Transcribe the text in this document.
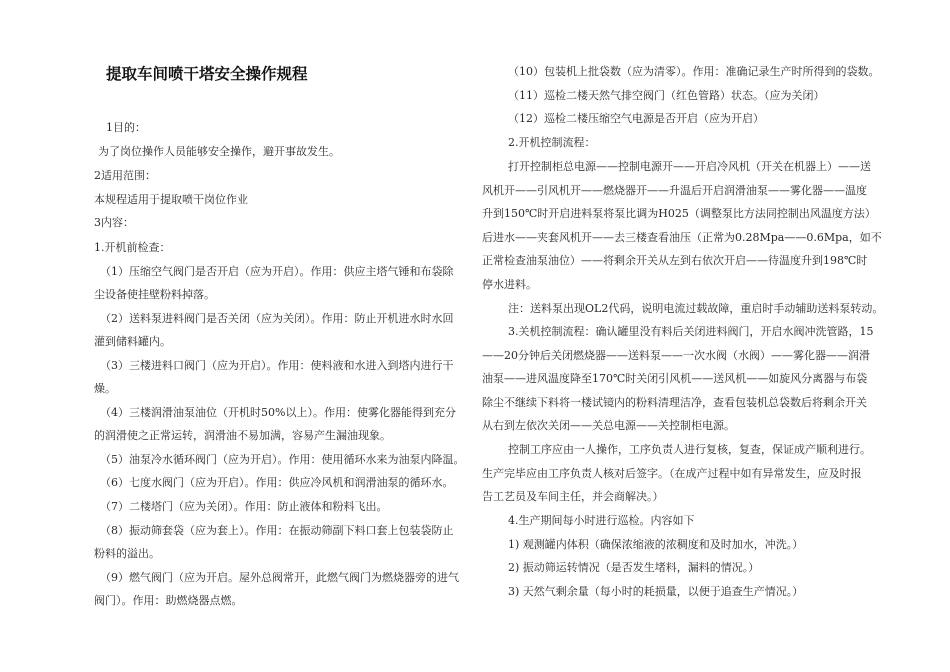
提取车间喷干塔安全操作规程
1目的：
为了岗位操作人员能够安全操作，避开事故发生。
2适用范围：
本规程适用于提取喷干岗位作业
3内容：
1.开机前检查：
（1）压缩空气阀门是否开启（应为开启）。作用：供应主塔气锤和布袋除
尘设备使挂壁粉料掉落。
（2）送料泵进料阀门是否关闭（应为关闭）。作用：防止开机进水时水回
灌到储料罐内。
（3）三楼进料口阀门（应为开启）。作用：使料液和水进入到塔内进行干
燥。
（4）三楼润滑油泵油位（开机时50%以上）。作用：使雾化器能得到充分
的润滑使之正常运转，润滑油不易加满，容易产生漏油现象。
（5）油泵冷水循环阀门（应为开启）。作用：使用循环水来为油泵内降温。
（6）七度水阀门（应为开启）。作用：供应冷风机和润滑油泵的循环水。
（7）二楼塔门（应为关闭）。作用：防止液体和粉料飞出。
（8）振动筛套袋（应为套上）。作用：在振动筛副下料口套上包装袋防止
粉料的溢出。
（9）燃气阀门（应为开启。屋外总阀常开，此燃气阀门为燃烧器旁的进气
阀门）。作用：助燃烧器点燃。
（10）包装机上批袋数（应为清零）。作用：准确记录生产时所得到的袋数。
（11）巡检二楼天然气排空阀门（红色管路）状态。（应为关闭）
（12）巡检二楼压缩空气电源是否开启（应为开启）
2.开机控制流程：
打开控制柜总电源——控制电源开——开启冷风机（开关在机器上）——送
风机开——引风机开——燃烧器开——升温后开启润滑油泵——雾化器——温度
升到150℃时开启进料泵将泵比调为H025（调整泵比方法同控制出风温度方法）
后进水——夹套风机开——去三楼查看油压（正常为0.28Mpa——0.6Mpa，如不
正常检查油泵油位）——将剩余开关从左到右依次开启——待温度升到198℃时
停水进料。
注：送料泵出现OL2代码，说明电流过载故障，重启时手动辅助送料泵转动。
3.关机控制流程：确认罐里没有料后关闭进料阀门，开启水阀冲洗管路，15
——20分钟后关闭燃烧器——送料泵——一次水阀（水阀）——雾化器——润滑
油泵——进风温度降至170℃时关闭引风机——送风机——如旋风分离器与布袋
除尘不继续下料将一楼试镜内的粉料清理洁净，查看包装机总袋数后将剩余开关
从右到左依次关闭——关总电源——关控制柜电源。
控制工序应由一人操作，工序负责人进行复核，复查，保证成产顺利进行。
生产完毕应由工序负责人核对后签字。（在成产过程中如有异常发生，应及时报
告工艺员及车间主任，并会商解决。）
4.生产期间每小时进行巡检。内容如下
1) 观测罐内体积（确保浓缩液的浓稠度和及时加水，冲洗。）
2) 振动筛运转情况（是否发生堵料，漏料的情况。）
3) 天然气剩余量（每小时的耗损量，以便于追查生产情况。）
